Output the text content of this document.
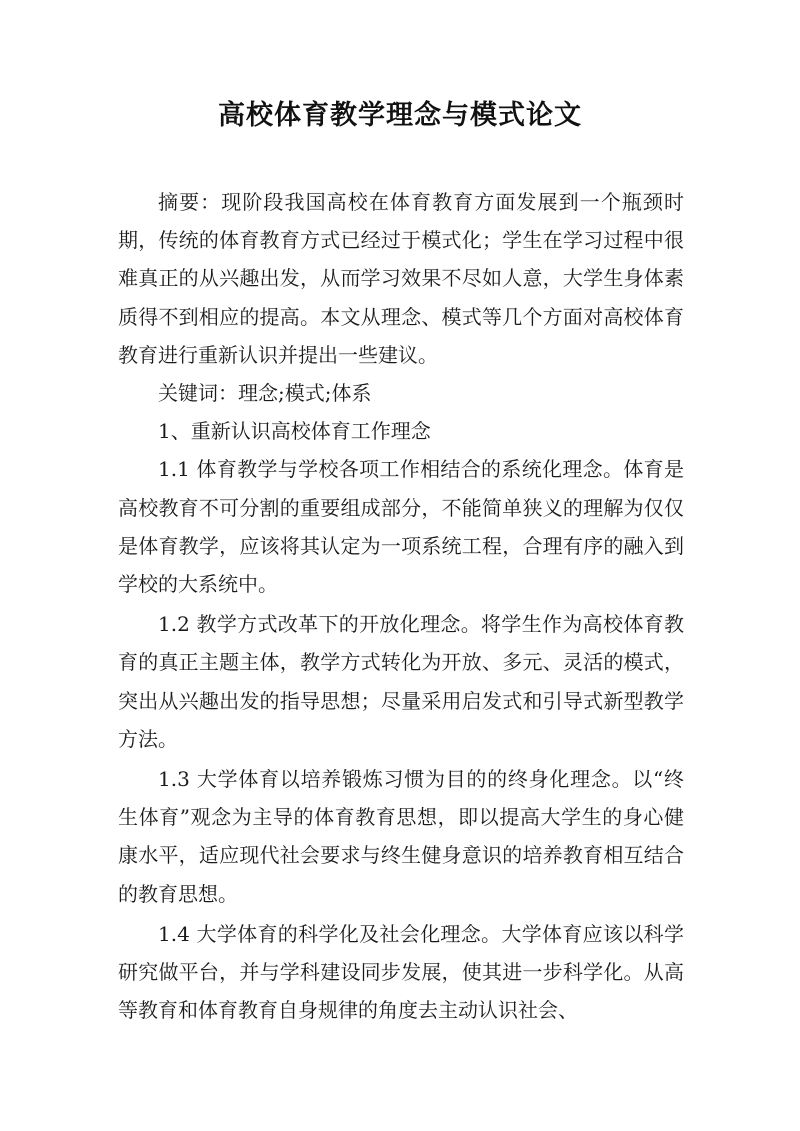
高校体育教学理念与模式论文

摘要：现阶段我国高校在体育教育方面发展到一个瓶颈时期，传统的体育教育方式已经过于模式化；学生在学习过程中很难真正的从兴趣出发，从而学习效果不尽如人意，大学生身体素质得不到相应的提高。本文从理念、模式等几个方面对高校体育教育进行重新认识并提出一些建议。

关键词：理念;模式;体系

1、重新认识高校体育工作理念

1.1 体育教学与学校各项工作相结合的系统化理念。体育是高校教育不可分割的重要组成部分，不能简单狭义的理解为仅仅是体育教学，应该将其认定为一项系统工程，合理有序的融入到学校的大系统中。

1.2 教学方式改革下的开放化理念。将学生作为高校体育教育的真正主题主体，教学方式转化为开放、多元、灵活的模式，突出从兴趣出发的指导思想；尽量采用启发式和引导式新型教学方法。

1.3 大学体育以培养锻炼习惯为目的的终身化理念。以“终生体育”观念为主导的体育教育思想，即以提高大学生的身心健康水平，适应现代社会要求与终生健身意识的培养教育相互结合的教育思想。

1.4 大学体育的科学化及社会化理念。大学体育应该以科学研究做平台，并与学科建设同步发展，使其进一步科学化。从高等教育和体育教育自身规律的角度去主动认识社会、
